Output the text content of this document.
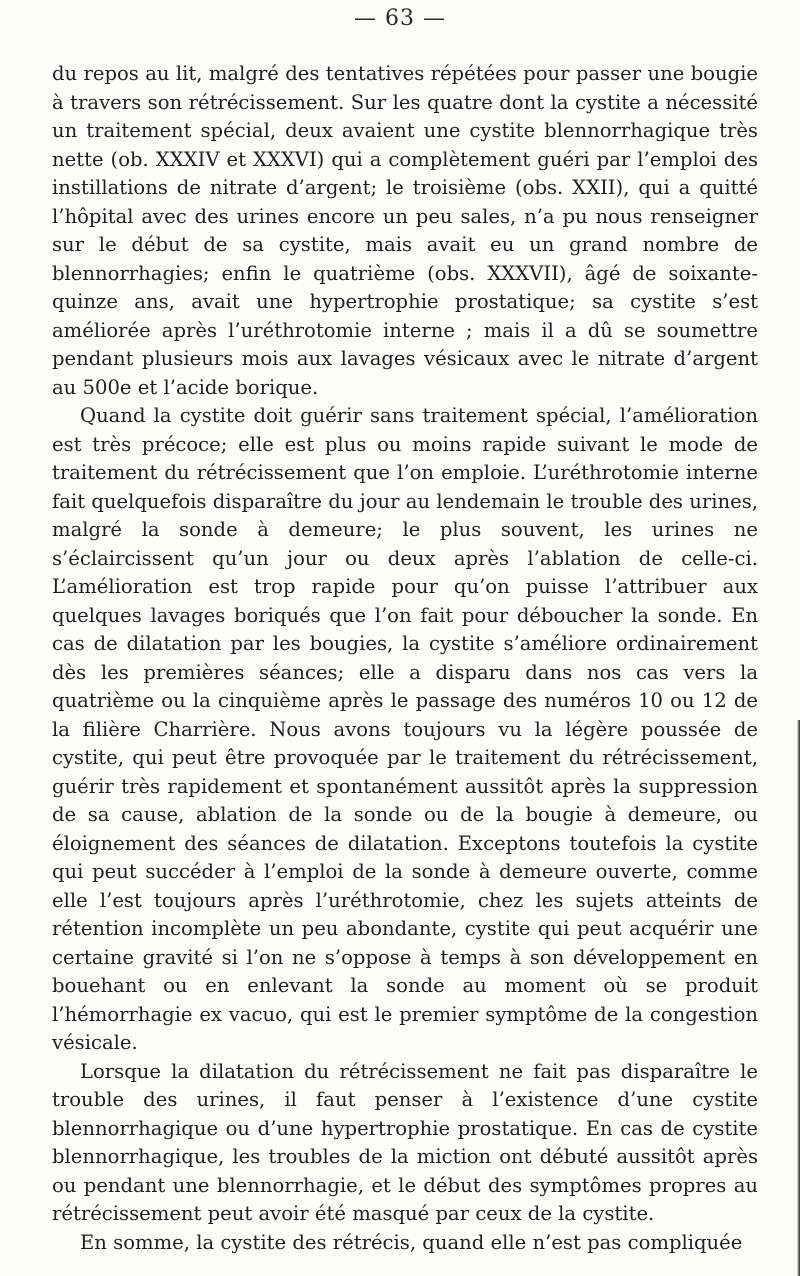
— 63 —

du repos au lit, malgré des tentatives répétées pour passer une bougie à travers son rétrécissement. Sur les quatre dont la cystite a nécessité un traitement spécial, deux avaient une cystite blennorrhagique très nette (ob. XXXIV et XXXVI) qui a complètement guéri par l’emploi des instillations de nitrate d’argent; le troisième (obs. XXII), qui a quitté l’hôpital avec des urines encore un peu sales, n’a pu nous renseigner sur le début de sa cystite, mais avait eu un grand nombre de blennorrhagies; enfin le quatrième (obs. XXXVII), âgé de soixante-quinze ans, avait une hypertrophie prostatique; sa cystite s’est améliorée après l’uréthrotomie interne ; mais il a dû se soumettre pendant plusieurs mois aux lavages vésicaux avec le nitrate d’argent au 500e et l’acide borique.

Quand la cystite doit guérir sans traitement spécial, l’amélioration est très précoce; elle est plus ou moins rapide suivant le mode de traitement du rétrécissement que l’on emploie. L’uréthrotomie interne fait quelquefois disparaître du jour au lendemain le trouble des urines, malgré la sonde à demeure; le plus souvent, les urines ne s’éclaircissent qu’un jour ou deux après l’ablation de celle-ci. L’amélioration est trop rapide pour qu’on puisse l’attribuer aux quelques lavages boriqués que l’on fait pour déboucher la sonde. En cas de dilatation par les bougies, la cystite s’améliore ordinairement dès les premières séances; elle a disparu dans nos cas vers la quatrième ou la cinquième après le passage des numéros 10 ou 12 de la filière Charrière. Nous avons toujours vu la légère poussée de cystite, qui peut être provoquée par le traitement du rétrécissement, guérir très rapidement et spontanément aussitôt après la suppression de sa cause, ablation de la sonde ou de la bougie à demeure, ou éloignement des séances de dilatation. Exceptons toutefois la cystite qui peut succéder à l’emploi de la sonde à demeure ouverte, comme elle l’est toujours après l’uréthrotomie, chez les sujets atteints de rétention incomplète un peu abondante, cystite qui peut acquérir une certaine gravité si l’on ne s’oppose à temps à son développement en bouehant ou en enlevant la sonde au moment où se produit l’hémorrhagie ex vacuo, qui est le premier symptôme de la congestion vésicale.

Lorsque la dilatation du rétrécissement ne fait pas disparaître le trouble des urines, il faut penser à l’existence d’une cystite blennorrhagique ou d’une hypertrophie prostatique. En cas de cystite blennorrhagique, les troubles de la miction ont débuté aussitôt après ou pendant une blennorrhagie, et le début des symptômes propres au rétrécissement peut avoir été masqué par ceux de la cystite.

En somme, la cystite des rétrécis, quand elle n’est pas compliquée
